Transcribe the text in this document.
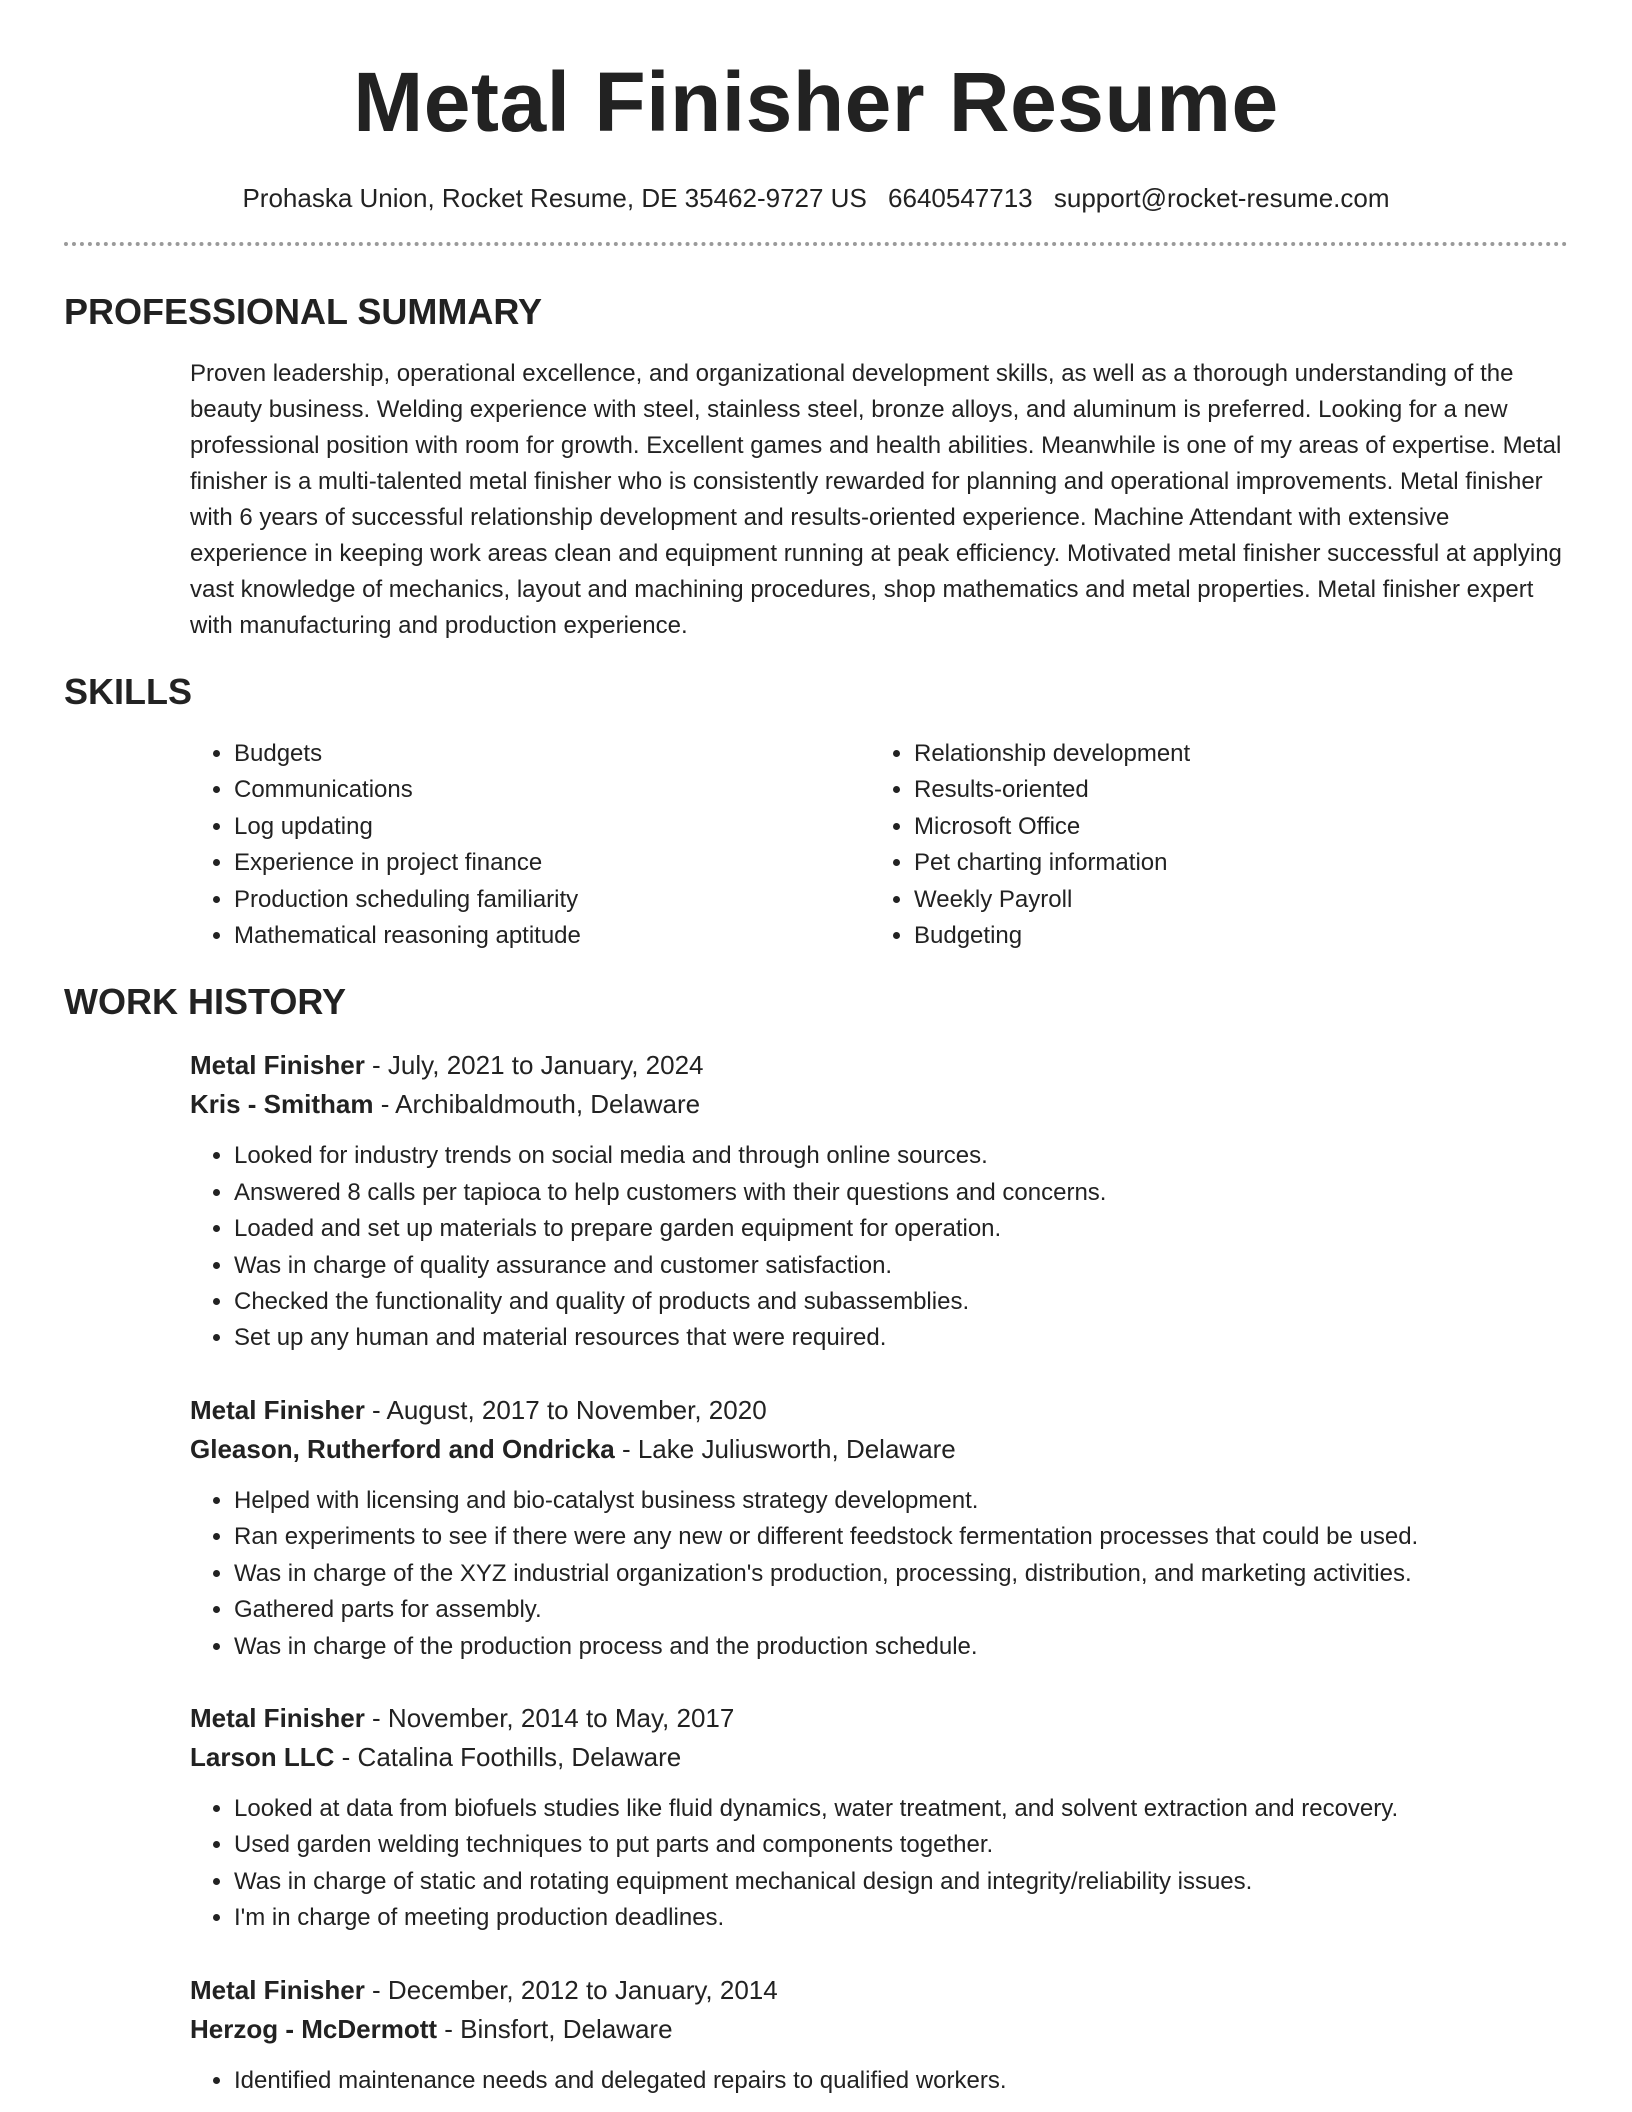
Metal Finisher Resume
Prohaska Union, Rocket Resume, DE 35462-9727 US 6640547713 support@rocket-resume.com
PROFESSIONAL SUMMARY

Proven leadership, operational excellence, and organizational development skills, as well as a thorough understanding of the beauty business. Welding experience with steel, stainless steel, bronze alloys, and aluminum is preferred. Looking for a new professional position with room for growth. Excellent games and health abilities. Meanwhile is one of my areas of expertise. Metal finisher is a multi-talented metal finisher who is consistently rewarded for planning and operational improvements. Metal finisher with 6 years of successful relationship development and results-oriented experience. Machine Attendant with extensive experience in keeping work areas clean and equipment running at peak efficiency. Motivated metal finisher successful at applying vast knowledge of mechanics, layout and machining procedures, shop mathematics and metal properties. Metal finisher expert with manufacturing and production experience.

SKILLS
• Budgets
• Communications
• Log updating
• Experience in project finance
• Production scheduling familiarity
• Mathematical reasoning aptitude
• Relationship development
• Results-oriented
• Microsoft Office
• Pet charting information
• Weekly Payroll
• Budgeting
WORK HISTORY
Metal Finisher - July, 2021 to January, 2024
Kris - Smitham - Archibaldmouth, Delaware
• Looked for industry trends on social media and through online sources.
• Answered 8 calls per tapioca to help customers with their questions and concerns.
• Loaded and set up materials to prepare garden equipment for operation.
• Was in charge of quality assurance and customer satisfaction.
• Checked the functionality and quality of products and subassemblies.
• Set up any human and material resources that were required.
Metal Finisher - August, 2017 to November, 2020
Gleason, Rutherford and Ondricka - Lake Juliusworth, Delaware
• Helped with licensing and bio-catalyst business strategy development.
• Ran experiments to see if there were any new or different feedstock fermentation processes that could be used.
• Was in charge of the XYZ industrial organization's production, processing, distribution, and marketing activities.
• Gathered parts for assembly.
• Was in charge of the production process and the production schedule.
Metal Finisher - November, 2014 to May, 2017
Larson LLC - Catalina Foothills, Delaware
• Looked at data from biofuels studies like fluid dynamics, water treatment, and solvent extraction and recovery.
• Used garden welding techniques to put parts and components together.
• Was in charge of static and rotating equipment mechanical design and integrity/reliability issues.
• I'm in charge of meeting production deadlines.
Metal Finisher - December, 2012 to January, 2014
Herzog - McDermott - Binsfort, Delaware
• Identified maintenance needs and delegated repairs to qualified workers.
